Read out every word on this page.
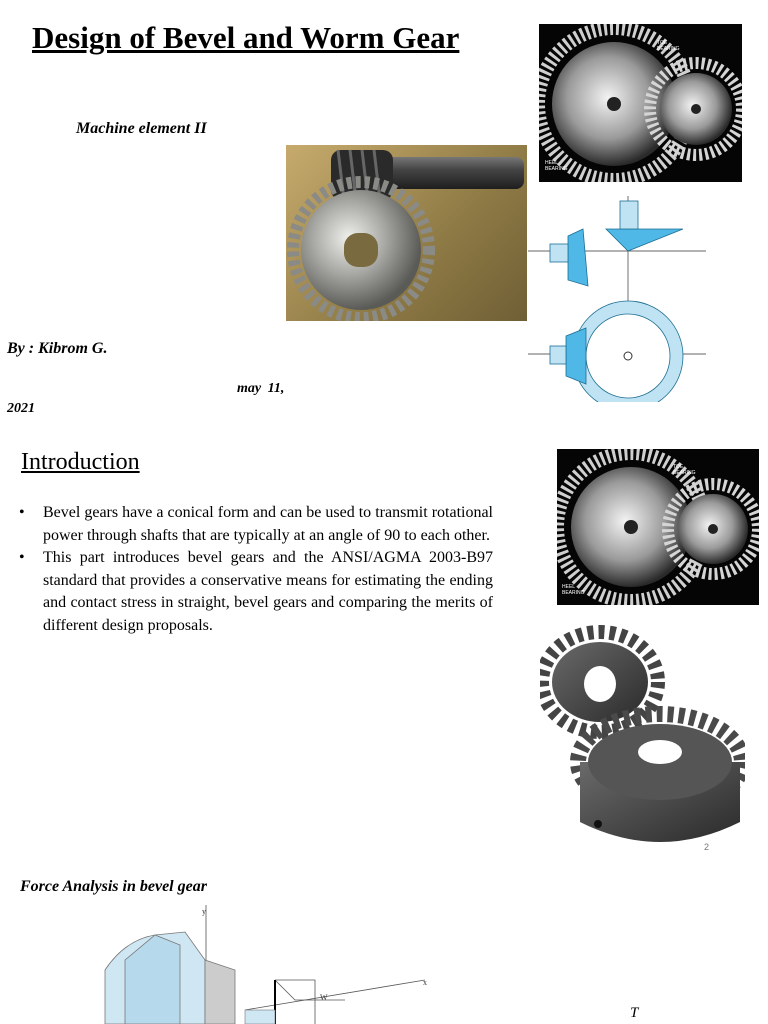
Design of Bevel and Worm Gear
Machine element II
By : Kibrom G.
may 11,
2021
TOE
BEARING
HEEL
BEARING
Introduction
• Bevel gears have a conical form and can be used to transmit rotational power through shafts that are typically at an angle of 90 to each other.
• This part introduces bevel gears and the ANSI/AGMA 2003-B97 standard that provides a conservative means for estimating the ending and contact stress in straight, bevel gears and comparing the merits of different design proposals.
TOE
BEARING
HEEL
BEARING
2
Force Analysis in bevel gear
y
x
W
T
